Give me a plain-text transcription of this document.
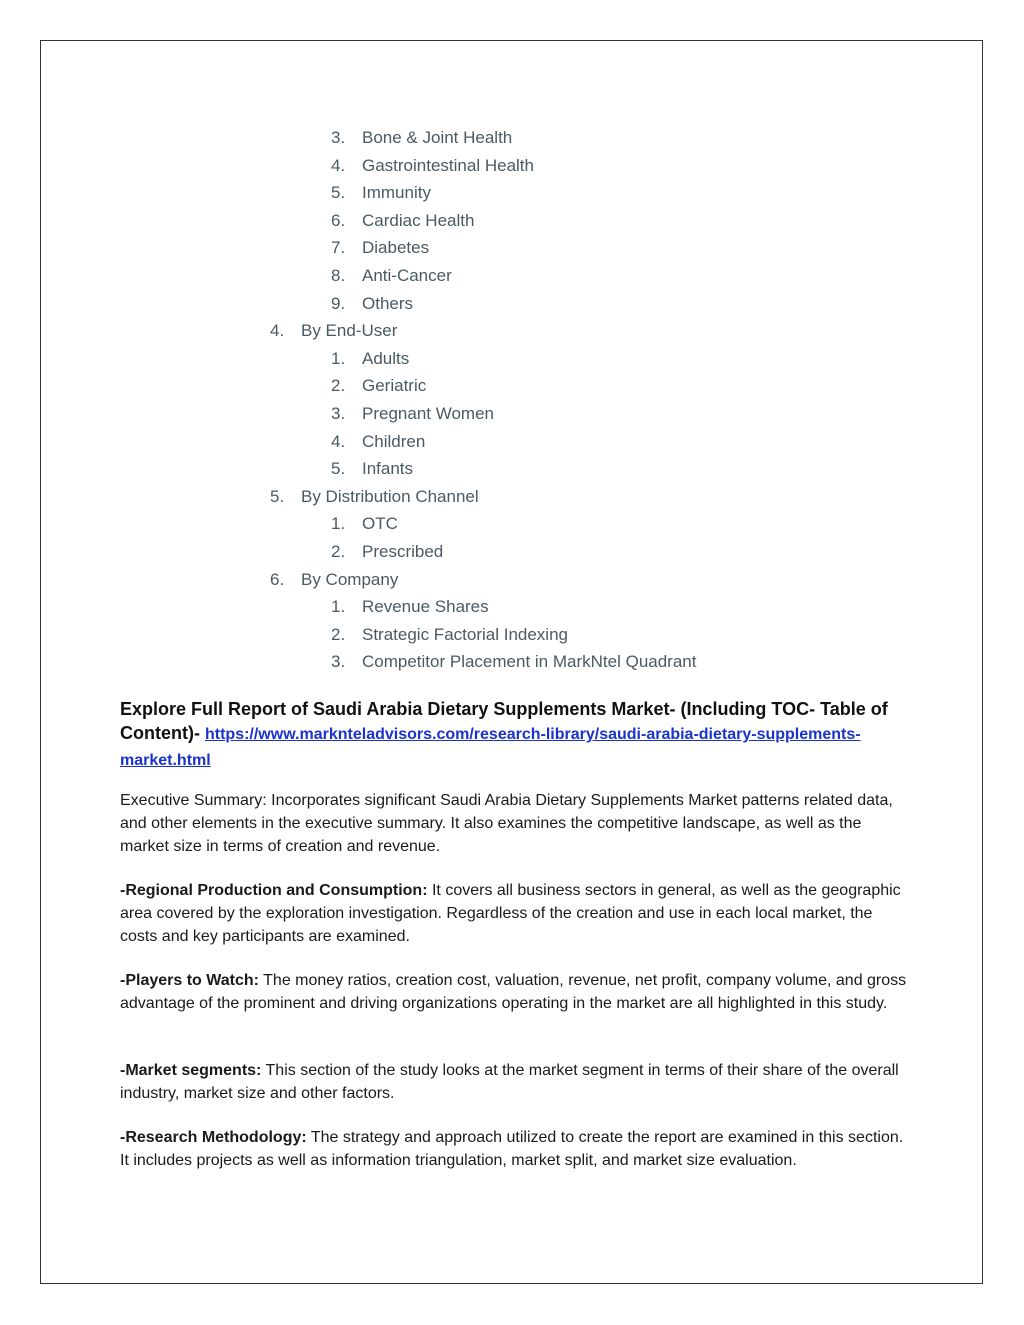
3. Bone & Joint Health
4. Gastrointestinal Health
5. Immunity
6. Cardiac Health
7. Diabetes
8. Anti-Cancer
9. Others
4. By End-User
1. Adults
2. Geriatric
3. Pregnant Women
4. Children
5. Infants
5. By Distribution Channel
1. OTC
2. Prescribed
6. By Company
1. Revenue Shares
2. Strategic Factorial Indexing
3. Competitor Placement in MarkNtel Quadrant
Explore Full Report of Saudi Arabia Dietary Supplements Market- (Including TOC- Table of Content)- https://www.marknteladvisors.com/research-library/saudi-arabia-dietary-supplements-market.html
Executive Summary: Incorporates significant Saudi Arabia Dietary Supplements Market patterns related data, and other elements in the executive summary. It also examines the competitive landscape, as well as the market size in terms of creation and revenue.
-Regional Production and Consumption: It covers all business sectors in general, as well as the geographic area covered by the exploration investigation. Regardless of the creation and use in each local market, the costs and key participants are examined.
-Players to Watch: The money ratios, creation cost, valuation, revenue, net profit, company volume, and gross advantage of the prominent and driving organizations operating in the market are all highlighted in this study.
-Market segments: This section of the study looks at the market segment in terms of their share of the overall industry, market size and other factors.
-Research Methodology: The strategy and approach utilized to create the report are examined in this section. It includes projects as well as information triangulation, market split, and market size evaluation.
